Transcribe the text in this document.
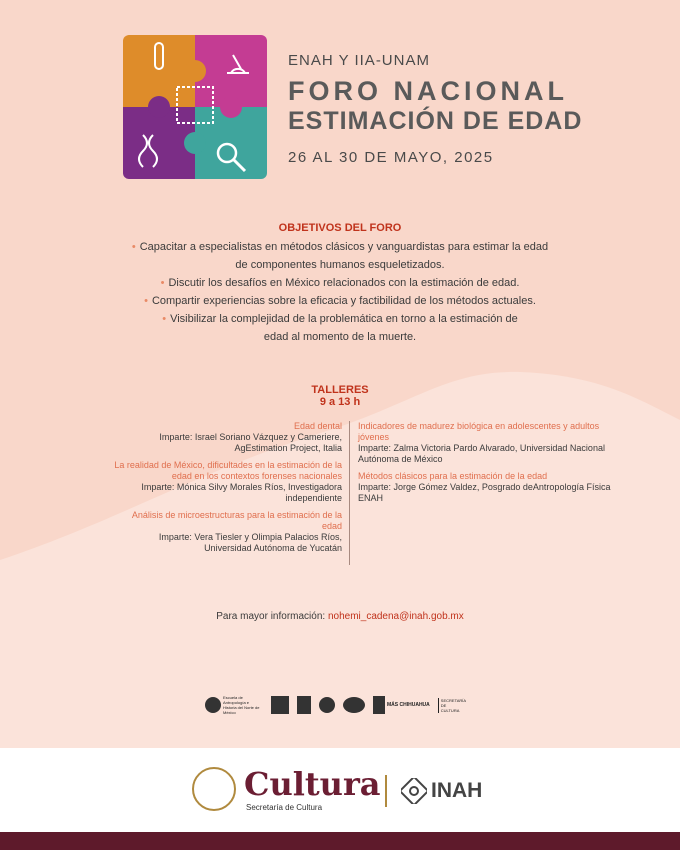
ENAH Y IIA-UNAM

FORO NACIONAL

ESTIMACIÓN DE EDAD

26 AL 30 DE MAYO, 2025

OBJETIVOS DEL FORO
• Capacitar a especialistas en métodos clásicos y vanguardistas para estimar la edad
de componentes humanos esqueletizados.
• Discutir los desafíos en México relacionados con la estimación de edad.
• Compartir experiencias sobre la eficacia y factibilidad de los métodos actuales.
• Visibilizar la complejidad de la problemática en torno a la estimación de
edad al momento de la muerte.
TALLERES
9 a 13 h
Edad dental
Imparte: Israel Soriano Vázquez y Cameriere, AgEstimation Project, Italia
La realidad de México, dificultades en la estimación de la edad en los contextos forenses nacionales
Imparte: Mónica Silvy Morales Ríos, Investigadora independiente
Análisis de microestructuras para la estimación de la edad
Imparte: Vera Tiesler y Olimpia Palacios Ríos, Universidad Autónoma de Yucatán
Indicadores de madurez biológica en adolescentes y adultos jóvenes
Imparte: Zalma Victoria Pardo Alvarado, Universidad Nacional Autónoma de México
Métodos clásicos para la estimación de la edad
Imparte: Jorge Gómez Valdez, Posgrado deAntropología Física ENAH
Para mayor información: nohemi_cadena@inah.gob.mx
Escuela de Antropología e Historia del Norte de México
MÁS CHIHUAHUA
SECRETARÍA DE CULTURA
Cultura
Secretaría de Cultura
INAH
